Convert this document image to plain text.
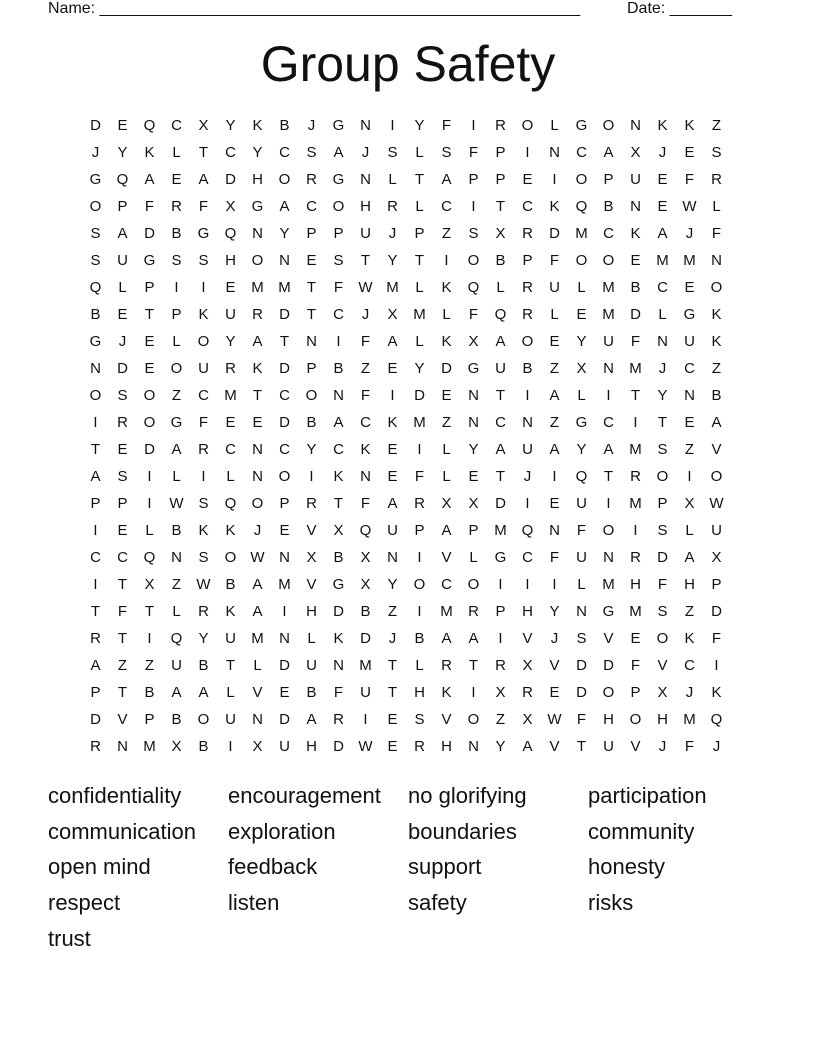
Name: ______________________________________________________	Date: _______
Group Safety
D	E	Q	C	X	Y	K	B	J	G	N	I	Y	F	I	R	O	L	G	O	N	K	K	Z
J	Y	K	L	T	C	Y	C	S	A	J	S	L	S	F	P	I	N	C	A	X	J	E	S
G	Q	A	E	A	D	H	O	R	G	N	L	T	A	P	P	E	I	O	P	U	E	F	R
O	P	F	R	F	X	G	A	C	O	H	R	L	C	I	T	C	K	Q	B	N	E W	L
S	A	D	B	G	Q	N	Y	P	P	U	J	P	Z	S	X	R	D	M	C	K	A	J	F
S	U	G	S	S	H	O	N	E	S	T	Y	T	I	O	B	P	F	O	O	E	M M	N
Q	L	P	I	I	E	M M	T	F	W M	L	K	Q	L	R	U	L	M	B	C	E	O
B	E	T	P	K	U	R	D	T	C	J	X	M	L	F	Q	R	L	E	M	D	L	G	K
G	J	E	L	O	Y	A	T	N	I	F	A	L	K	X	A	O	E	Y	U	F	N	U	K
N	D	E	O	U	R	K	D	P	B	Z	E	Y	D	G	U	B	Z	X	N	M	J	C	Z
O	S	O	Z	C	M	T	C	O	N	F	I	D	E	N	T	I	A	L	I	T	Y	N	B
I	R	O	G	F	E	E	D	B	A	C	K	M	Z	N	C	N	Z	G	C	I	T	E	A
T	E	D	A	R	C	N	C	Y	C	K	E	I	L	Y	A	U	A	Y	A	M	S	Z	V
A	S	I	L	I	L	N	O	I	K	N	E	F	L	E	T	J	I	Q	T	R	O	I	O
P	P	I	W S	Q	O	P	R	T	F	A	R	X	X	D	I	E	U	I	M	P	X W
I	E	L	B	K	K	J	E	V	X	Q	U	P	A	P	M Q	N	F	O	I	S	L	U
C	C	Q	N	S	O W N	X	B	X	N	I	V	L	G	C	F	U	N	R	D	A	X
I	T	X	Z	W B	A	M	V	G	X	Y	O	C	O	I	I	I	L	M	H	F	H	P
T	F	T	L	R	K	A	I	H	D	B	Z	I	M	R	P	H	Y	N	G M	S	Z	D
R	T	I	Q	Y	U	M	N	L	K	D	J	B	A	A	I	V	J	S	V	E	O	K	F
A	Z	Z	U	B	T	L	D	U	N	M	T	L	R	T	R	X	V	D	D	F	V	C	I
P	T	B	A	A	L	V	E	B	F	U	T	H	K	I	X	R	E	D	O	P	X	J	K
D	V	P	B	O	U	N	D	A	R	I	E	S	V	O	Z	X W	F	H	O	H	M Q
R	N	M	X	B	I	X	U	H	D W E	R	H	N	Y	A	V	T	U	V	J	F	J
confidentiality	encouragement	no glorifying	participation
communication	exploration	boundaries	community
open mind	feedback	support	honesty
respect	listen	safety	risks
trust
